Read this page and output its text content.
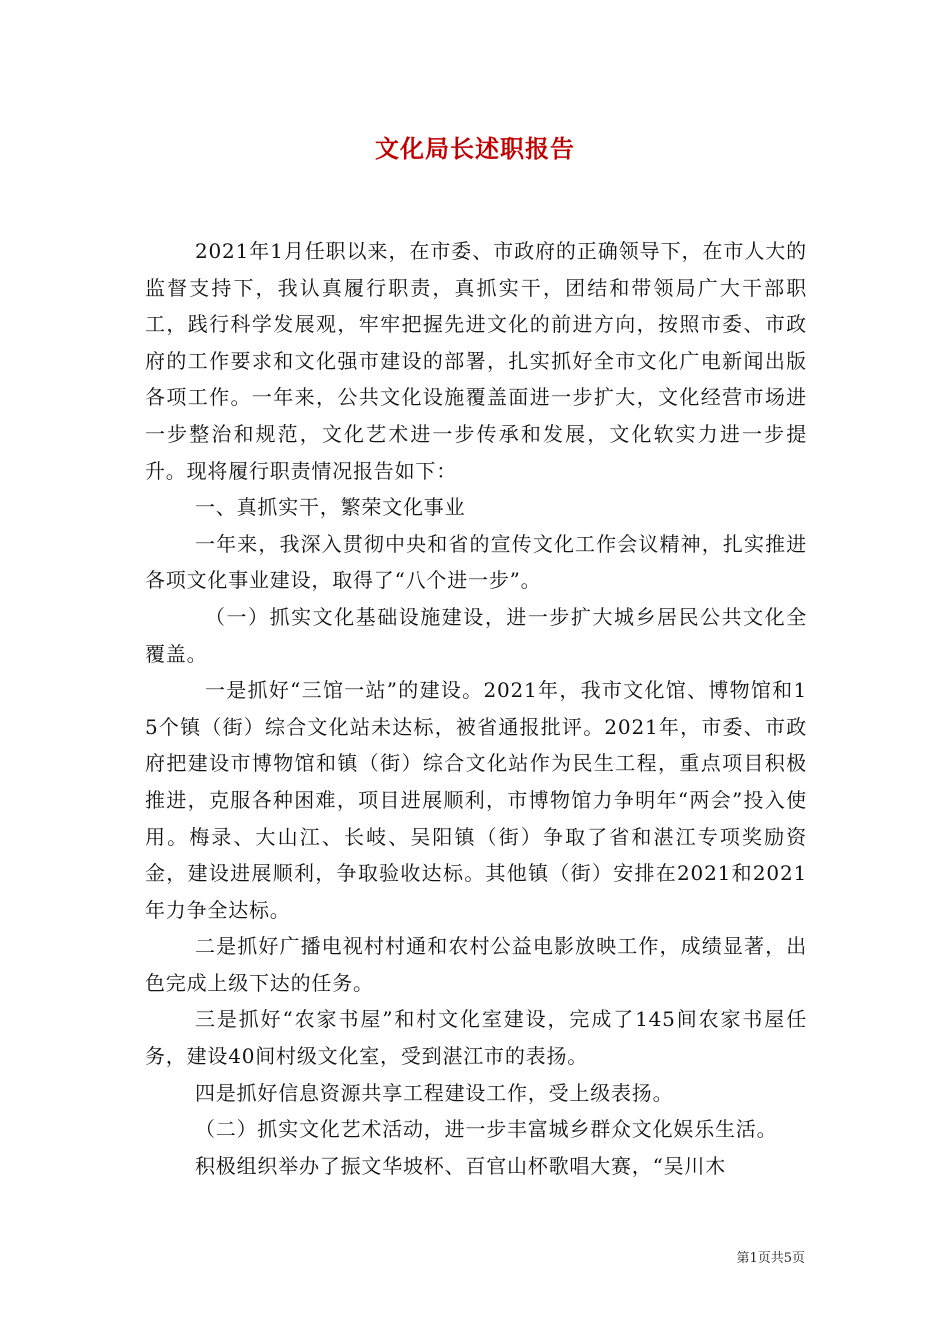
文化局长述职报告

2021年1月任职以来，在市委、市政府的正确领导下，在市人大的监督支持下，我认真履行职责，真抓实干，团结和带领局广大干部职工，践行科学发展观，牢牢把握先进文化的前进方向，按照市委、市政府的工作要求和文化强市建设的部署，扎实抓好全市文化广电新闻出版各项工作。一年来，公共文化设施覆盖面进一步扩大，文化经营市场进一步整治和规范，文化艺术进一步传承和发展，文化软实力进一步提升。现将履行职责情况报告如下：

一、真抓实干，繁荣文化事业

一年来，我深入贯彻中央和省的宣传文化工作会议精神，扎实推进各项文化事业建设，取得了“八个进一步”。

（一）抓实文化基础设施建设，进一步扩大城乡居民公共文化全覆盖。

一是抓好“三馆一站”的建设。2021年，我市文化馆、博物馆和15个镇（街）综合文化站未达标，被省通报批评。2021年，市委、市政府把建设市博物馆和镇（街）综合文化站作为民生工程，重点项目积极推进，克服各种困难，项目进展顺利，市博物馆力争明年“两会”投入使用。梅录、大山江、长岐、吴阳镇（街）争取了省和湛江专项奖励资金，建设进展顺利，争取验收达标。其他镇（街）安排在2021和2021年力争全达标。

二是抓好广播电视村村通和农村公益电影放映工作，成绩显著，出色完成上级下达的任务。

三是抓好“农家书屋”和村文化室建设，完成了145间农家书屋任务，建设40间村级文化室，受到湛江市的表扬。

四是抓好信息资源共享工程建设工作，受上级表扬。

（二）抓实文化艺术活动，进一步丰富城乡群众文化娱乐生活。

积极组织举办了振文华坡杯、百官山杯歌唱大赛，“吴川木

第1页共5页
